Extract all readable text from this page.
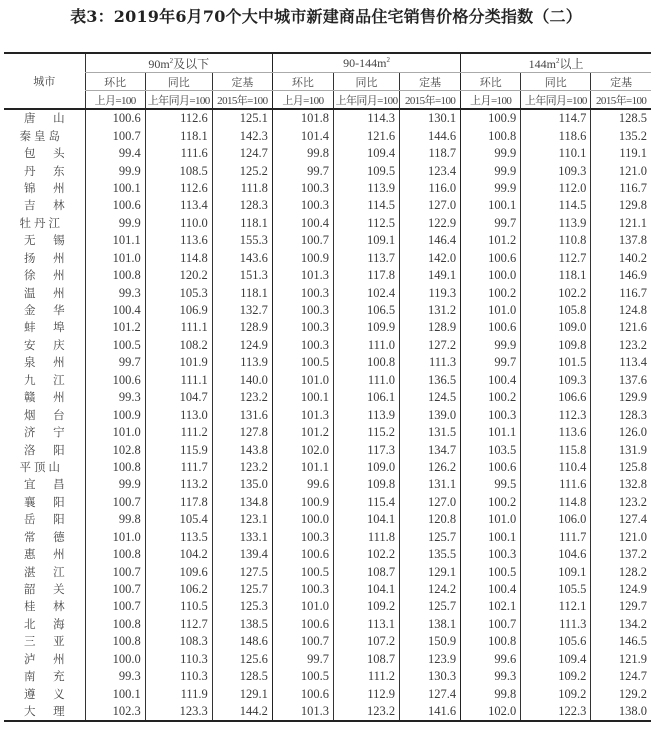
表3：2019年6月70个大中城市新建商品住宅销售价格分类指数（二）
城市	$90m^2$及以下			$90-144m^2$			$144m^2$以上		
	环比	同比	定基	环比	同比	定基	环比	同比	定基
	上月=100	上年同月=100	2015年=100	上月=100	上年同月=100	2015年=100	上月=100	上年同月=100	2015年=100

唐 山	100.6	112.6	125.1	101.8	114.3	130.1	100.9	114.7	128.5

秦皇岛	100.7	118.1	142.3	101.4	121.6	144.6	100.8	118.6	135.2

包 头	99.4	111.6	124.7	99.8	109.4	118.7	99.9	110.1	119.1

丹 东	99.9	108.5	125.2	99.7	109.5	123.4	99.9	109.3	121.0

锦 州	100.1	112.6	111.8	100.3	113.9	116.0	99.9	112.0	116.7

吉 林	100.6	113.4	128.3	100.3	114.5	127.0	100.1	114.5	129.8

牡丹江	99.9	110.0	118.1	100.4	112.5	122.9	99.7	113.9	121.1

无 锡	101.1	113.6	155.3	100.7	109.1	146.4	101.2	110.8	137.8

扬 州	101.0	114.8	143.6	100.9	113.7	142.0	100.6	112.7	140.2

徐 州	100.8	120.2	151.3	101.3	117.8	149.1	100.0	118.1	146.9

温 州	99.3	105.3	118.1	100.3	102.4	119.3	100.2	102.2	116.7

金 华	100.4	106.9	132.7	100.3	106.5	131.2	101.0	105.8	124.8

蚌 埠	101.2	111.1	128.9	100.3	109.9	128.9	100.6	109.0	121.6

安 庆	100.5	108.2	124.9	100.3	111.0	127.2	99.9	109.8	123.2

泉 州	99.7	101.9	113.9	100.5	100.8	111.3	99.7	101.5	113.4

九 江	100.6	111.1	140.0	101.0	111.0	136.5	100.4	109.3	137.6

赣 州	99.3	104.7	123.2	100.1	106.1	124.5	100.2	106.6	129.9

烟 台	100.9	113.0	131.6	101.3	113.9	139.0	100.3	112.3	128.3

济 宁	101.0	111.2	127.8	101.2	115.2	131.5	101.1	113.6	126.0

洛 阳	102.8	115.9	143.8	102.0	117.3	134.7	103.5	115.8	131.9

平顶山	100.8	111.7	123.2	101.1	109.0	126.2	100.6	110.4	125.8

宜 昌	99.9	113.2	135.0	99.6	109.8	131.1	99.5	111.6	132.8

襄 阳	100.7	117.8	134.8	100.9	115.4	127.0	100.2	114.8	123.2

岳 阳	99.8	105.4	123.1	100.0	104.1	120.8	101.0	106.0	127.4

常 德	101.0	113.5	133.1	100.3	111.8	125.7	100.1	111.7	121.0

惠 州	100.8	104.2	139.4	100.6	102.2	135.5	100.3	104.6	137.2

湛 江	100.7	109.6	127.5	100.5	108.7	129.1	100.5	109.1	128.2

韶 关	100.7	106.2	125.7	100.3	104.1	124.2	100.4	105.5	124.9

桂 林	100.7	110.5	125.3	101.0	109.2	125.7	102.1	112.1	129.7

北 海	100.8	112.7	138.5	100.6	113.1	138.1	100.7	111.3	134.2

三 亚	100.8	108.3	148.6	100.7	107.2	150.9	100.8	105.6	146.5

泸 州	100.0	110.3	125.6	99.7	108.7	123.9	99.6	109.4	121.9

南 充	99.3	110.3	128.5	100.5	111.2	130.3	99.3	109.2	124.7

遵 义	100.1	111.9	129.1	100.6	112.9	127.4	99.8	109.2	129.2

大 理	102.3	123.3	144.2	101.3	123.2	141.6	102.0	122.3	138.0
